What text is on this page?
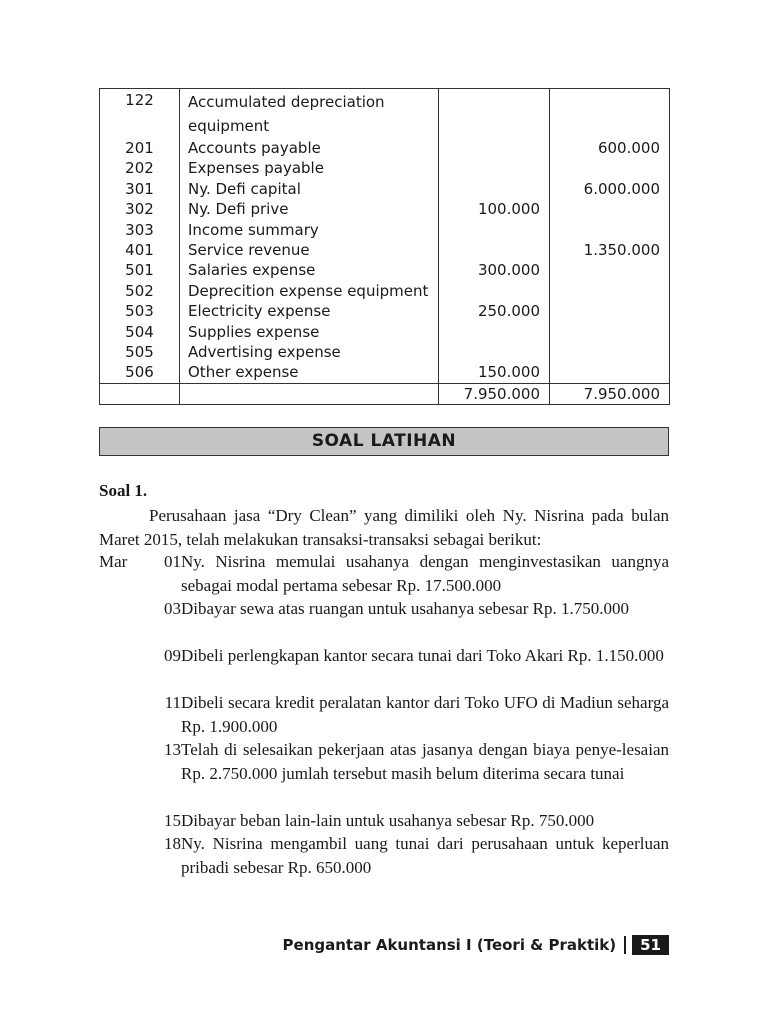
122	Accumulated depreciation equipment		
201	Accounts payable		600.000
202	Expenses payable		
301	Ny. Defi capital		6.000.000
302	Ny. Defi prive	100.000	
303	Income summary		
401	Service revenue		1.350.000
501	Salaries expense	300.000	
502	Deprecition expense equipment		
503	Electricity expense	250.000	
504	Supplies expense		
505	Advertising expense		
506	Other expense	150.000	
		7.950.000	7.950.000
SOAL LATIHAN
Soal 1.
Perusahaan jasa “Dry Clean” yang dimiliki oleh Ny. Nisrina pada bulan Maret 2015, telah melakukan transaksi-transaksi sebagai berikut:
Mar	01 Ny. Nisrina memulai usahanya dengan menginvestasikan uangnya sebagai modal pertama sebesar Rp. 17.500.000
03 Dibayar sewa atas ruangan untuk usahanya sebesar Rp. 1.750.000
09 Dibeli perlengkapan kantor secara tunai dari Toko Akari Rp. 1.150.000
11 Dibeli secara kredit peralatan kantor dari Toko UFO di Madiun seharga Rp. 1.900.000
13 Telah di selesaikan pekerjaan atas jasanya dengan biaya penye-lesaian Rp. 2.750.000 jumlah tersebut masih belum diterima secara tunai
15 Dibayar beban lain-lain untuk usahanya sebesar Rp. 750.000
18 Ny. Nisrina mengambil uang tunai dari perusahaan untuk keperluan pribadi sebesar Rp. 650.000
Pengantar Akuntansi I (Teori & Praktik)	51
